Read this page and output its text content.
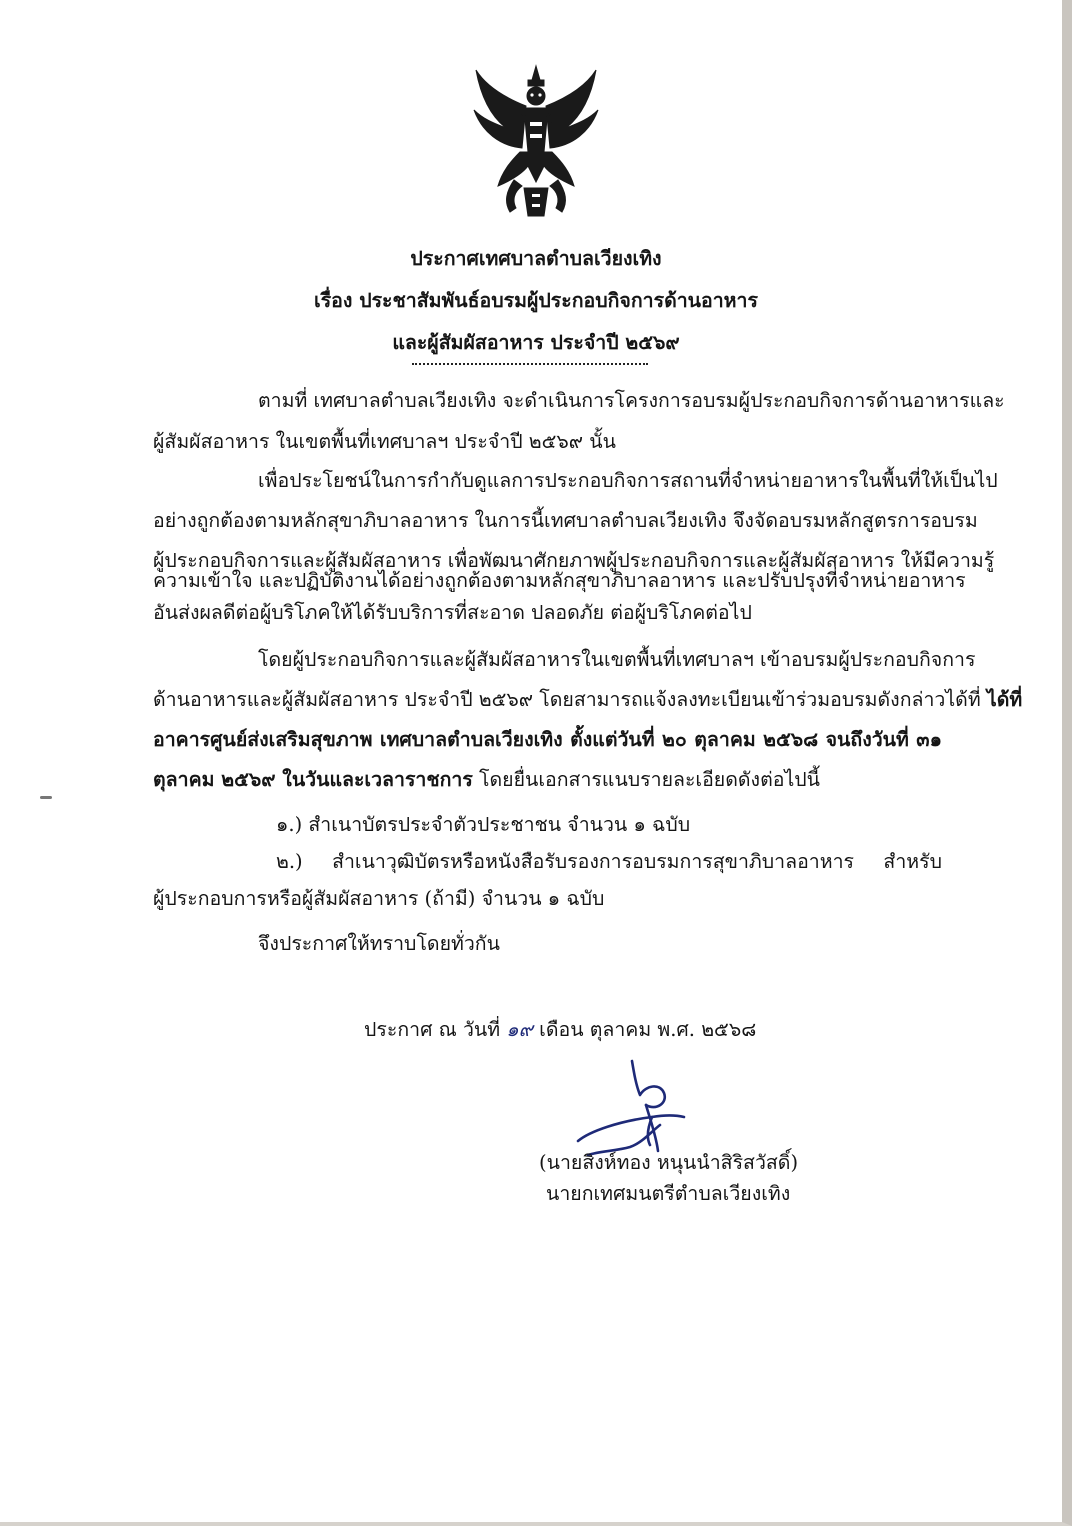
ประกาศเทศบาลตำบลเวียงเทิง
เรื่อง ประชาสัมพันธ์อบรมผู้ประกอบกิจการด้านอาหาร
และผู้สัมผัสอาหาร ประจำปี ๒๕๖๙
ตามที่ เทศบาลตำบลเวียงเทิง จะดำเนินการโครงการอบรมผู้ประกอบกิจการด้านอาหารและ
ผู้สัมผัสอาหาร ในเขตพื้นที่เทศบาลฯ ประจำปี ๒๕๖๙ นั้น
เพื่อประโยชน์ในการกำกับดูแลการประกอบกิจการสถานที่จำหน่ายอาหารในพื้นที่ให้เป็นไป
อย่างถูกต้องตามหลักสุขาภิบาลอาหาร ในการนี้เทศบาลตำบลเวียงเทิง จึงจัดอบรมหลักสูตรการอบรม
ผู้ประกอบกิจการและผู้สัมผัสอาหาร เพื่อพัฒนาศักยภาพผู้ประกอบกิจการและผู้สัมผัสอาหาร ให้มีความรู้
ความเข้าใจ และปฏิบัติงานได้อย่างถูกต้องตามหลักสุขาภิบาลอาหาร และปรับปรุงที่จำหน่ายอาหาร
อันส่งผลดีต่อผู้บริโภคให้ได้รับบริการที่สะอาด ปลอดภัย ต่อผู้บริโภคต่อไป
โดยผู้ประกอบกิจการและผู้สัมผัสอาหารในเขตพื้นที่เทศบาลฯ เข้าอบรมผู้ประกอบกิจการ
ด้านอาหารและผู้สัมผัสอาหาร ประจำปี ๒๕๖๙ โดยสามารถแจ้งลงทะเบียนเข้าร่วมอบรมดังกล่าวได้ที่ ได้ที่
อาคารศูนย์ส่งเสริมสุขภาพ เทศบาลตำบลเวียงเทิง ตั้งแต่วันที่ ๒๐ ตุลาคม ๒๕๖๘ จนถึงวันที่ ๓๑
ตุลาคม ๒๕๖๙ ในวันและเวลาราชการ โดยยื่นเอกสารแนบรายละเอียดดังต่อไปนี้
๑.) สำเนาบัตรประจำตัวประชาชน จำนวน ๑ ฉบับ
๒.) สำเนาวุฒิบัตรหรือหนังสือรับรองการอบรมการสุขาภิบาลอาหาร สำหรับ
ผู้ประกอบการหรือผู้สัมผัสอาหาร (ถ้ามี) จำนวน ๑ ฉบับ
จึงประกาศให้ทราบโดยทั่วกัน
ประกาศ ณ วันที่ ๑๙ เดือน ตุลาคม พ.ศ. ๒๕๖๘
(นายสิงห์ทอง หนุนนำสิริสวัสดิ์)
นายกเทศมนตรีตำบลเวียงเทิง
